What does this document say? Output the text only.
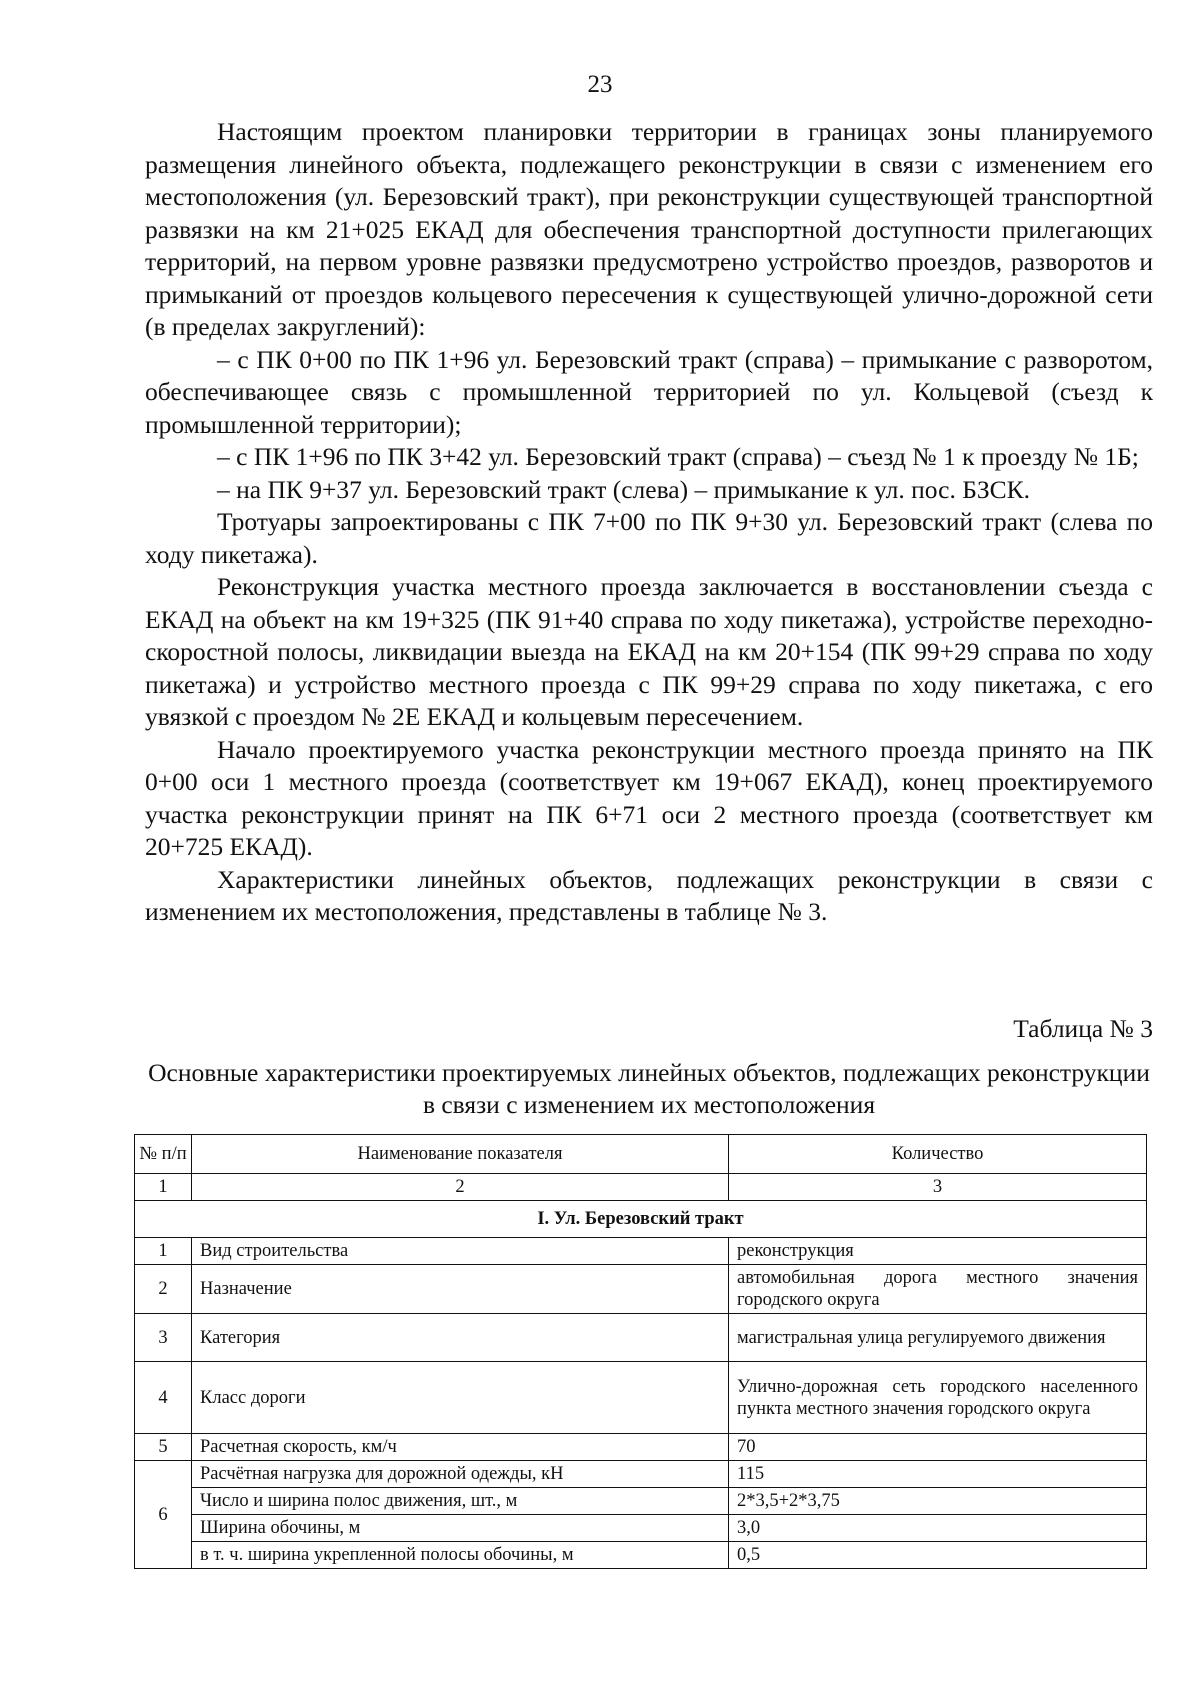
23

Настоящим проектом планировки территории в границах зоны планируемого размещения линейного объекта, подлежащего реконструкции в связи с изменением его местоположения (ул. Березовский тракт), при реконструкции существующей транспортной развязки на км 21+025 ЕКАД для обеспечения транспортной доступности прилегающих территорий, на первом уровне развязки предусмотрено устройство проездов, разворотов и примыканий от проездов кольцевого пересечения к существующей улично-дорожной сети (в пределах закруглений):

– с ПК 0+00 по ПК 1+96 ул. Березовский тракт (справа) – примыкание с разворотом, обеспечивающее связь с промышленной территорией по ул. Кольцевой (съезд к промышленной территории);

– с ПК 1+96 по ПК 3+42 ул. Березовский тракт (справа) – съезд № 1 к проезду № 1Б;

– на ПК 9+37 ул. Березовский тракт (слева) – примыкание к ул. пос. БЗСК.

Тротуары запроектированы с ПК 7+00 по ПК 9+30 ул. Березовский тракт (слева по ходу пикетажа).

Реконструкция участка местного проезда заключается в восстановлении съезда с ЕКАД на объект на км 19+325 (ПК 91+40 справа по ходу пикетажа), устройстве переходно-скоростной полосы, ликвидации выезда на ЕКАД на км 20+154 (ПК 99+29 справа по ходу пикетажа) и устройство местного проезда с ПК 99+29 справа по ходу пикетажа, с его увязкой с проездом № 2Е ЕКАД и кольцевым пересечением.

Начало проектируемого участка реконструкции местного проезда принято на ПК 0+00 оси 1 местного проезда (соответствует км 19+067 ЕКАД), конец проектируемого участка реконструкции принят на ПК 6+71 оси 2 местного проезда (соответствует км 20+725 ЕКАД).

Характеристики линейных объектов, подлежащих реконструкции в связи с изменением их местоположения, представлены в таблице № 3.

Таблица № 3
Основные характеристики проектируемых линейных объектов, подлежащих реконструкции в связи с изменением их местоположения
№ п/п	Наименование показателя	Количество
1	2	3
I. Ул. Березовский тракт		
1	Вид строительства	реконструкция
2	Назначение	автомобильная дорога местного значения городского округа
3	Категория	магистральная улица регулируемого движения
4	Класс дороги	Улично-дорожная сеть городского населенного пункта местного значения городского округа
5	Расчетная скорость, км/ч	70
6	Расчётная нагрузка для дорожной одежды, кН	115
	Число и ширина полос движения, шт., м	2*3,5+2*3,75
	Ширина обочины, м	3,0
	в т. ч. ширина укрепленной полосы обочины, м	0,5
